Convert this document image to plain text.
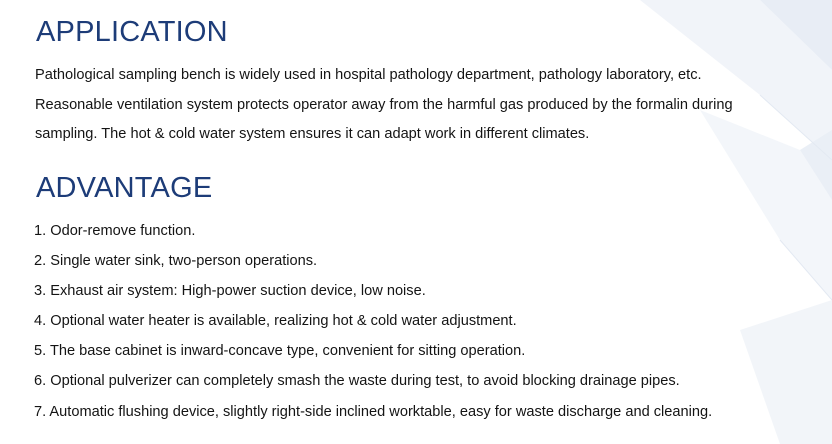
APPLICATION

Pathological sampling bench is widely used in hospital pathology department, pathology laboratory, etc.
Reasonable ventilation system protects operator away from the harmful gas produced by the formalin during
sampling. The hot & cold water system ensures it can adapt work in different climates.

ADVANTAGE
1. Odor-remove function.
2. Single water sink, two-person operations.
3. Exhaust air system: High-power suction device, low noise.
4. Optional water heater is available, realizing hot & cold water adjustment.
5. The base cabinet is inward-concave type, convenient for sitting operation.
6. Optional pulverizer can completely smash the waste during test, to avoid blocking drainage pipes.
7. Automatic flushing device, slightly right-side inclined worktable, easy for waste discharge and cleaning.
